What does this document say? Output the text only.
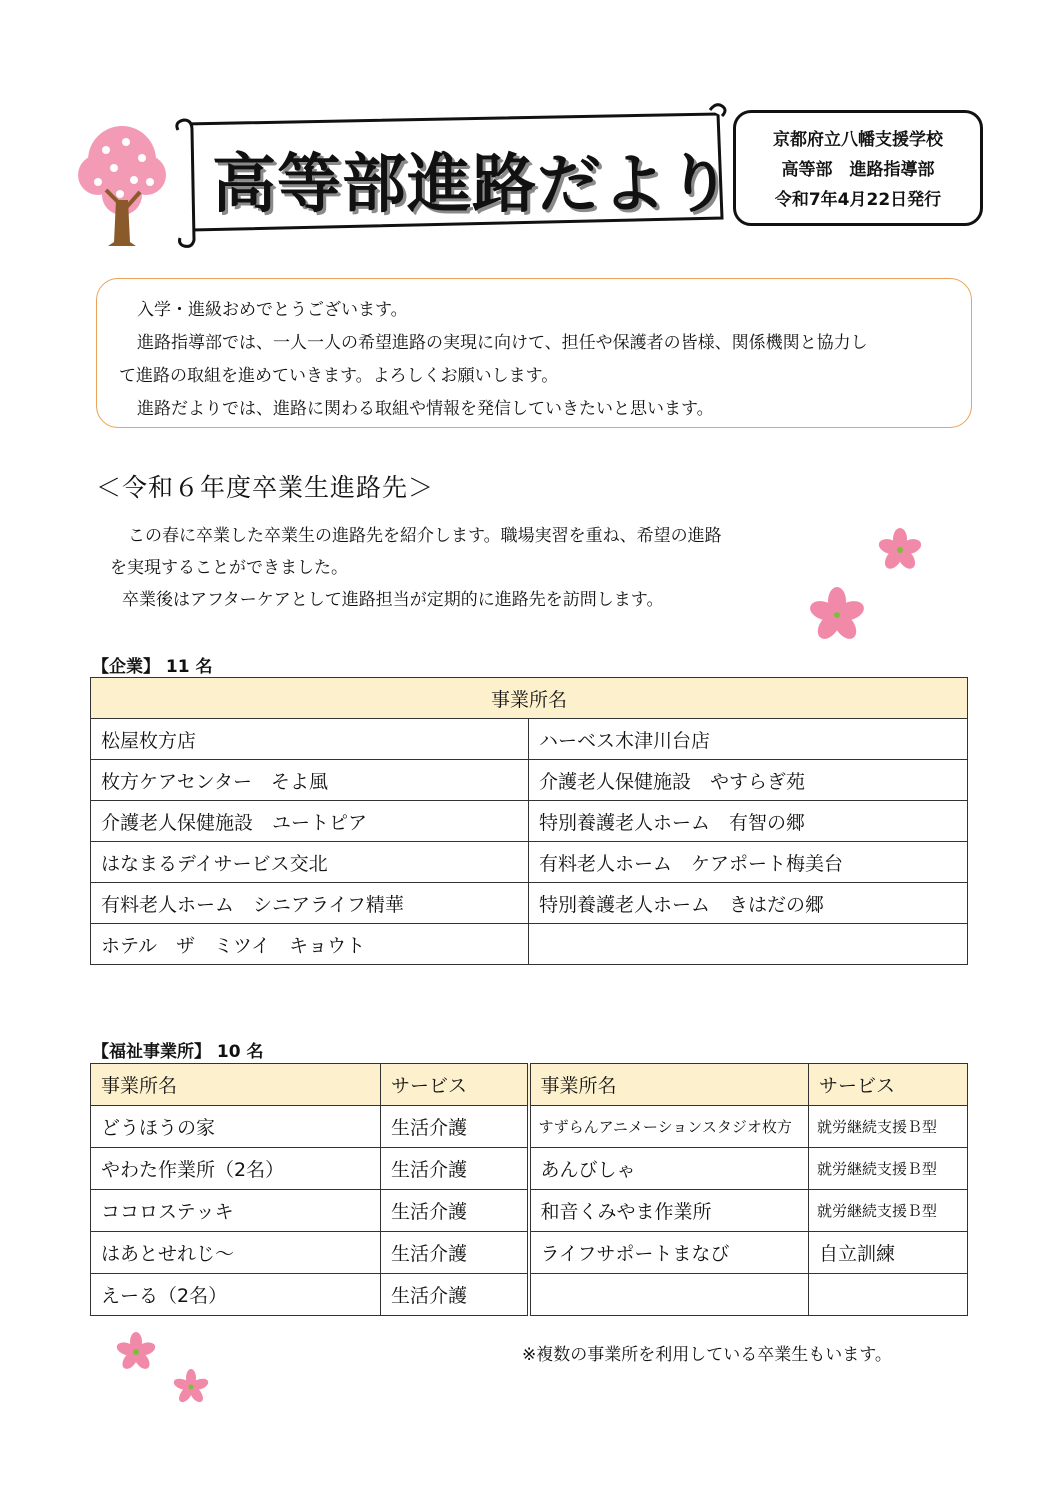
高等部進路だより
京都府立八幡支援学校
高等部　進路指導部
令和7年4月22日発行

入学・進級おめでとうございます。

進路指導部では、一人一人の希望進路の実現に向けて、担任や保護者の皆様、関係機関と協力し

て進路の取組を進めていきます。よろしくお願いします。

進路だよりでは、進路に関わる取組や情報を発信していきたいと思います。

＜令和６年度卒業生進路先＞

この春に卒業した卒業生の進路先を紹介します。職場実習を重ね、希望の進路

を実現することができました。

卒業後はアフターケアとして進路担当が定期的に進路先を訪問します。

【企業】 11 名
事業所名	
松屋枚方店	ハーベス木津川台店
枚方ケアセンター　そよ風	介護老人保健施設　やすらぎ苑
介護老人保健施設　ユートピア	特別養護老人ホーム　有智の郷
はなまるデイサービス交北	有料老人ホーム　ケアポート梅美台
有料老人ホーム　シニアライフ精華	特別養護老人ホーム　きはだの郷
ホテル　ザ　ミツイ　キョウト	
【福祉事業所】 10 名
事業所名	サービス	事業所名	サービス
どうほうの家	生活介護	すずらんアニメーションスタジオ枚方	就労継続支援Ｂ型
やわた作業所（2名）	生活介護	あんびしゃ	就労継続支援Ｂ型
ココロステッキ	生活介護	和音くみやま作業所	就労継続支援Ｂ型
はあとせれじ～	生活介護	ライフサポートまなび	自立訓練
えーる（2名）	生活介護		
※複数の事業所を利用している卒業生もいます。
